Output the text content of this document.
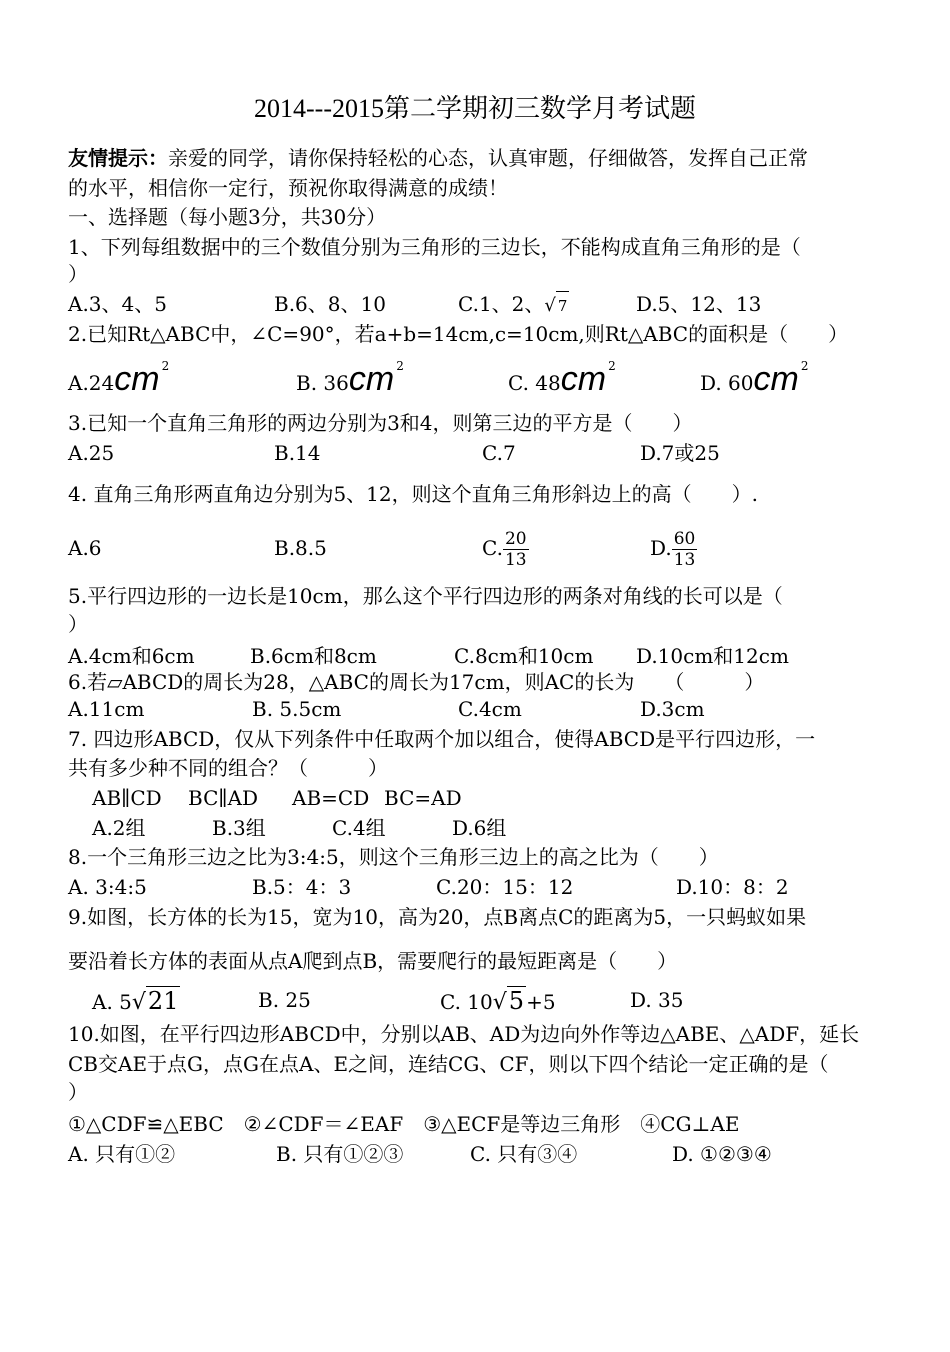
2014---2015第二学期初三数学月考试题
友情提示：亲爱的同学，请你保持轻松的心态，认真审题，仔细做答，发挥自己正常
的水平，相信你一定行，预祝你取得满意的成绩！
一、选择题（每小题3分，共30分）
1、下列每组数据中的三个数值分别为三角形的三边长，不能构成直角三角形的是（
）
A.3、4、5	B.6、8、10	C.1、2、√ 7	D.5、12、13
2.已知Rt△ABC中，∠C=90°，若a+b=14cm,c=10cm,则Rt△ABC的面积是（　　）
A.24cm 2
B. 36cm 2
C. 48cm 2
D. 60cm 2
3.已知一个直角三角形的两边分别为3和4，则第三边的平方是（　　）
A.25	B.14	C.7	D.7或25
4. 直角三角形两直角边分别为5、12，则这个直角三角形斜边上的高（　　）.
A.6	B.8.5	C. $\frac{20}{13}$	D. $\frac{60}{13}$
5.平行四边形的一边长是10cm，那么这个平行四边形的两条对角线的长可以是（
）
A.4cm和6cm	B.6cm和8cm	C.8cm和10cm D.10cm和12cm
6.若▱ABCD的周长为28，△ABC的周长为17cm，则AC的长为　　（　　　）
A.11cm	B. 5.5cm	C.4cm	D.3cm
7. 四边形ABCD，仅从下列条件中任取两个加以组合，使得ABCD是平行四边形，一
共有多少种不同的组合？（　　　）
AB∥CD BC∥AD AB=CD BC=AD
A.2组	B.3组	C.4组	D.6组
8.一个三角形三边之比为3:4:5，则这个三角形三边上的高之比为（　　）
A. 3:4:5	B.5：4：3	C.20：15：12	D.10：8：2
9.如图，长方体的长为15，宽为10，高为20，点B离点C的距离为5，一只蚂蚁如果
要沿着长方体的表面从点A爬到点B，需要爬行的最短距离是（　　）
A. 5√21	B. 25	C. 10√5 +5	D. 35
10.如图，在平行四边形ABCD中，分别以AB、AD为边向外作等边△ABE、△ADF，延长
CB交AE于点G，点G在点A、E之间，连结CG、CF，则以下四个结论一定正确的是（
）
①△CDF≌△EBC　②∠CDF＝∠EAF　③△ECF是等边三角形　④CG⊥AE
A. 只有①②	B. 只有①②③	C. 只有③④	D. ①②③④
